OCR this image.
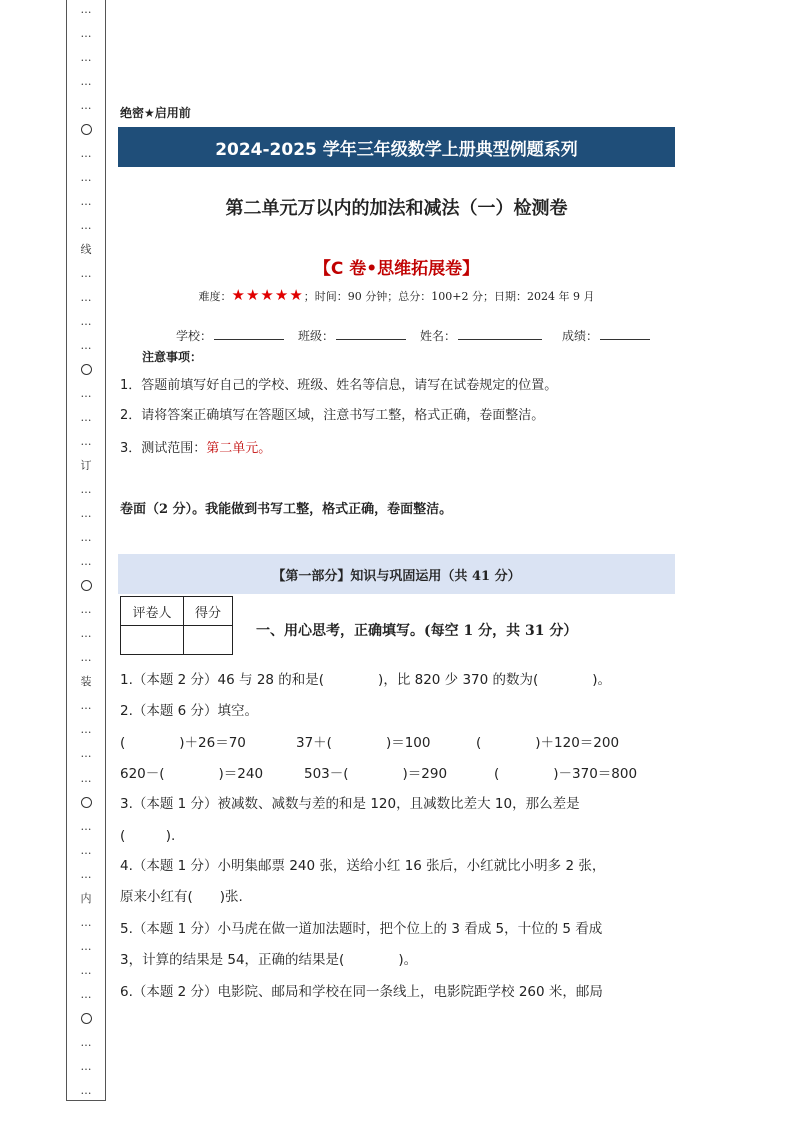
…
…
…
…
…
…
…
…
…
线
…
…
…
…
…
…
…
订
…
…
…
…
…
…
…
装
…
…
…
…
…
…
…
内
…
…
…
…
…
…
…
绝密★启用前
2024-2025 学年三年级数学上册典型例题系列
第二单元万以内的加法和减法（一）检测卷
【C 卷•思维拓展卷】
难度：★★★★★；时间：90 分钟；总分：100+2 分；日期：2024 年 9 月
学校：	班级：	姓名：	成绩：
注意事项：
1．答题前填写好自己的学校、班级、姓名等信息，请写在试卷规定的位置。
2．请将答案正确填写在答题区域，注意书写工整，格式正确，卷面整洁。
3．测试范围：第二单元。
卷面（2 分）。我能做到书写工整，格式正确，卷面整洁。
【第一部分】知识与巩固运用（共 41 分）
评卷人	得分

一、用心思考，正确填写。(每空 1 分，共 31 分）
1.（本题 2 分）46 与 28 的和是(　　　　)，比 820 少 370 的数为(　　　　)。
2.（本题 6 分）填空。
(　　　　)＋26＝70	37＋(　　　　)＝100	(　　　　)＋120＝200
620－(　　　　)＝240	503－(　　　　)＝290	(　　　　)－370＝800
3.（本题 1 分）被减数、减数与差的和是 120，且减数比差大 10，那么差是
(　　　).
4.（本题 1 分）小明集邮票 240 张，送给小红 16 张后，小红就比小明多 2 张，
原来小红有(　　)张.
5.（本题 1 分）小马虎在做一道加法题时，把个位上的 3 看成 5，十位的 5 看成
3，计算的结果是 54，正确的结果是(　　　　)。
6.（本题 2 分）电影院、邮局和学校在同一条线上，电影院距学校 260 米，邮局
